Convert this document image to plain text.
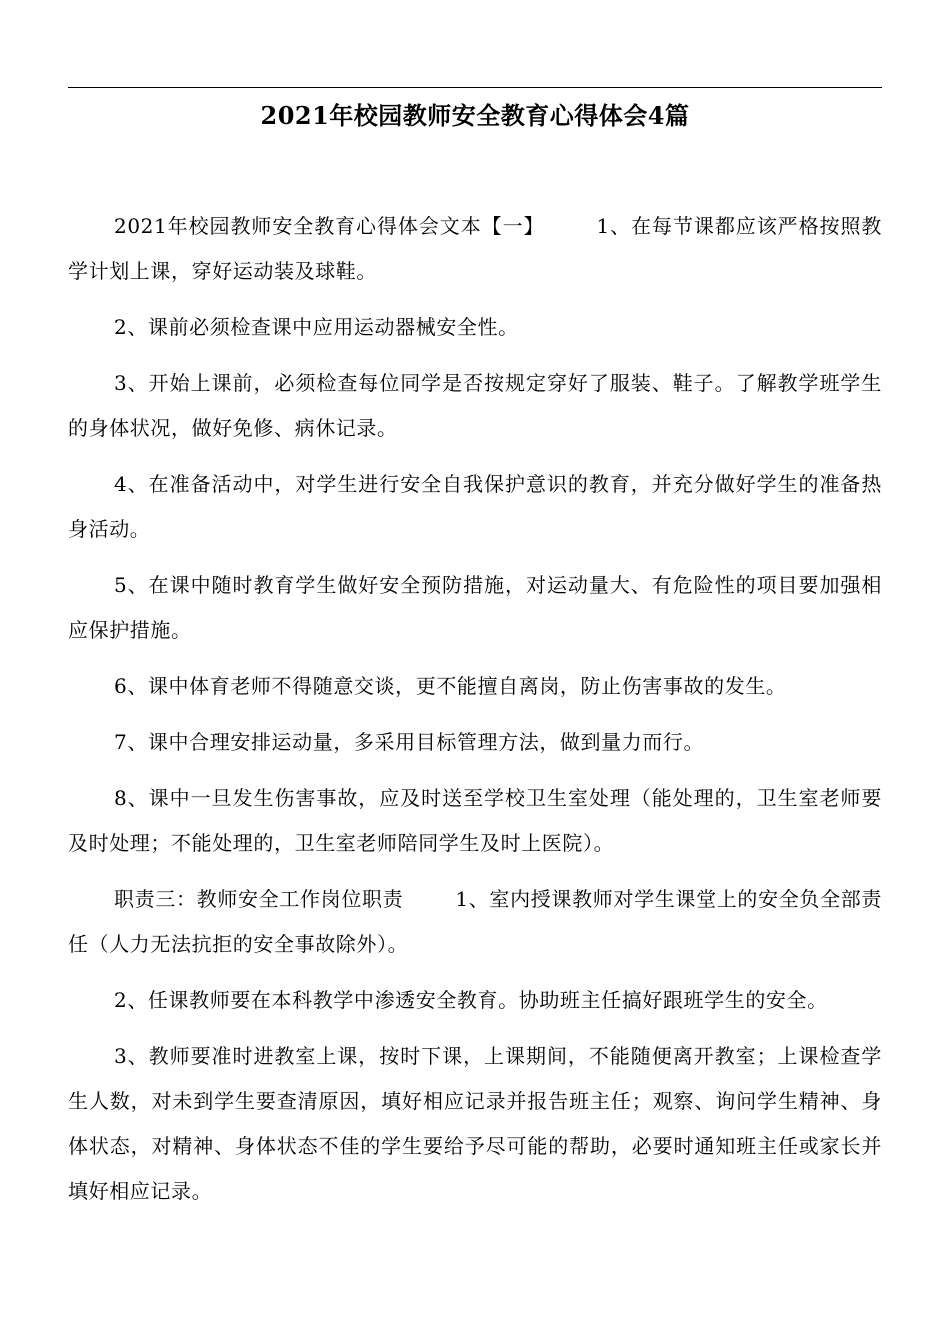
2021年校园教师安全教育心得体会4篇

2021年校园教师安全教育心得体会文本【一】	1、在每节课都应该严格按照教学计划上课，穿好运动装及球鞋。

2、课前必须检查课中应用运动器械安全性。

3、开始上课前，必须检查每位同学是否按规定穿好了服装、鞋子。了解教学班学生的身体状况，做好免修、病休记录。

4、在准备活动中，对学生进行安全自我保护意识的教育，并充分做好学生的准备热身活动。

5、在课中随时教育学生做好安全预防措施，对运动量大、有危险性的项目要加强相应保护措施。

6、课中体育老师不得随意交谈，更不能擅自离岗，防止伤害事故的发生。

7、课中合理安排运动量，多采用目标管理方法，做到量力而行。

8、课中一旦发生伤害事故，应及时送至学校卫生室处理（能处理的，卫生室老师要及时处理；不能处理的，卫生室老师陪同学生及时上医院）。

职责三：教师安全工作岗位职责	1、室内授课教师对学生课堂上的安全负全部责任（人力无法抗拒的安全事故除外）。

2、任课教师要在本科教学中渗透安全教育。协助班主任搞好跟班学生的安全。

3、教师要准时进教室上课，按时下课，上课期间，不能随便离开教室；上课检查学生人数，对未到学生要查清原因，填好相应记录并报告班主任；观察、询问学生精神、身体状态，对精神、身体状态不佳的学生要给予尽可能的帮助，必要时通知班主任或家长并填好相应记录。
